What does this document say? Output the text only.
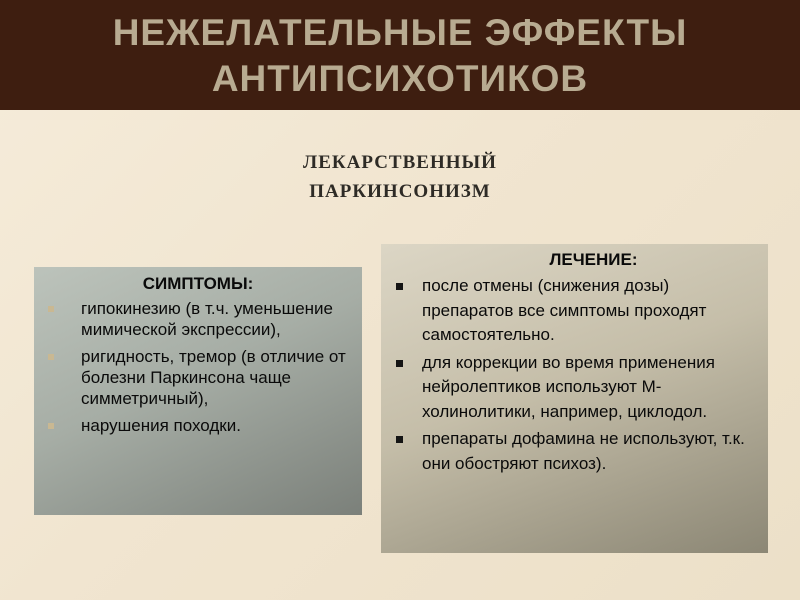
НЕЖЕЛАТЕЛЬНЫЕ ЭФФЕКТЫ
АНТИПСИХОТИКОВ
ЛЕКАРСТВЕННЫЙ
ПАРКИНСОНИЗМ
СИМПТОМЫ:
гипокинезию (в т.ч. уменьшение мимической экспрессии),
ригидность, тремор (в отличие от болезни Паркинсона чаще симметричный),
нарушения походки.
ЛЕЧЕНИЕ:
после отмены (снижения дозы) препаратов все симптомы проходят самостоятельно.
для коррекции во время применения нейролептиков используют М-холинолитики, например, циклодол.
препараты дофамина не используют, т.к. они обостряют психоз).
